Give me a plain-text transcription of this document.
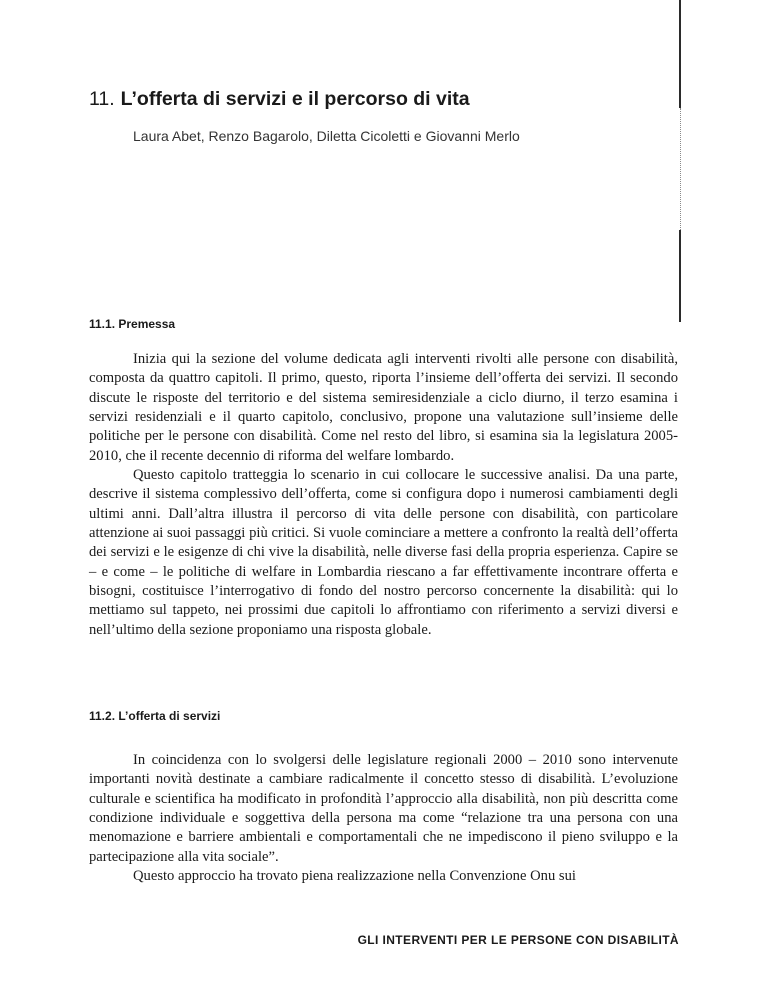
11. L’offerta di servizi e il percorso di vita

Laura Abet, Renzo Bagarolo, Diletta Cicoletti e Giovanni Merlo

11.1. Premessa

Inizia qui la sezione del volume dedicata agli interventi rivolti alle persone con disabilità, composta da quattro capitoli. Il primo, questo, riporta l’insieme dell’offerta dei servizi. Il secondo discute le risposte del territorio e del sistema semiresidenziale a ciclo diurno, il terzo esamina i servizi residenziali e il quarto capitolo, conclusivo, propone una valutazione sull’insieme delle politiche per le persone con disabilità. Come nel resto del libro, si esamina sia la legislatura 2005-2010, che il recente decennio di riforma del welfare lombardo.

Questo capitolo tratteggia lo scenario in cui collocare le successive analisi. Da una parte, descrive il sistema complessivo dell’offerta, come si configura dopo i numerosi cambiamenti degli ultimi anni. Dall’altra illustra il percorso di vita delle persone con disabilità, con particolare attenzione ai suoi passaggi più critici. Si vuole cominciare a mettere a confronto la realtà dell’offerta dei servizi e le esigenze di chi vive la disabilità, nelle diverse fasi della propria esperienza. Capire se – e come – le politiche di welfare in Lombardia riescano a far effettivamente incontrare offerta e bisogni, costituisce l’interrogativo di fondo del nostro percorso concernente la disabilità: qui lo mettiamo sul tappeto, nei prossimi due capitoli lo affrontiamo con riferimento a servizi diversi e nell’ultimo della sezione proponiamo una risposta globale.

11.2. L’offerta di servizi

In coincidenza con lo svolgersi delle legislature regionali 2000 – 2010 sono intervenute importanti novità destinate a cambiare radicalmente il concetto stesso di disabilità. L’evoluzione culturale e scientifica ha modificato in profondità l’approccio alla disabilità, non più descritta come condizione individuale e soggettiva della persona ma come “relazione tra una persona con una menomazione e barriere ambientali e comportamentali che ne impediscono il pieno sviluppo e la partecipazione alla vita sociale”.

Questo approccio ha trovato piena realizzazione nella Convenzione Onu sui

GLI INTERVENTI PER LE PERSONE CON DISABILITÀ
